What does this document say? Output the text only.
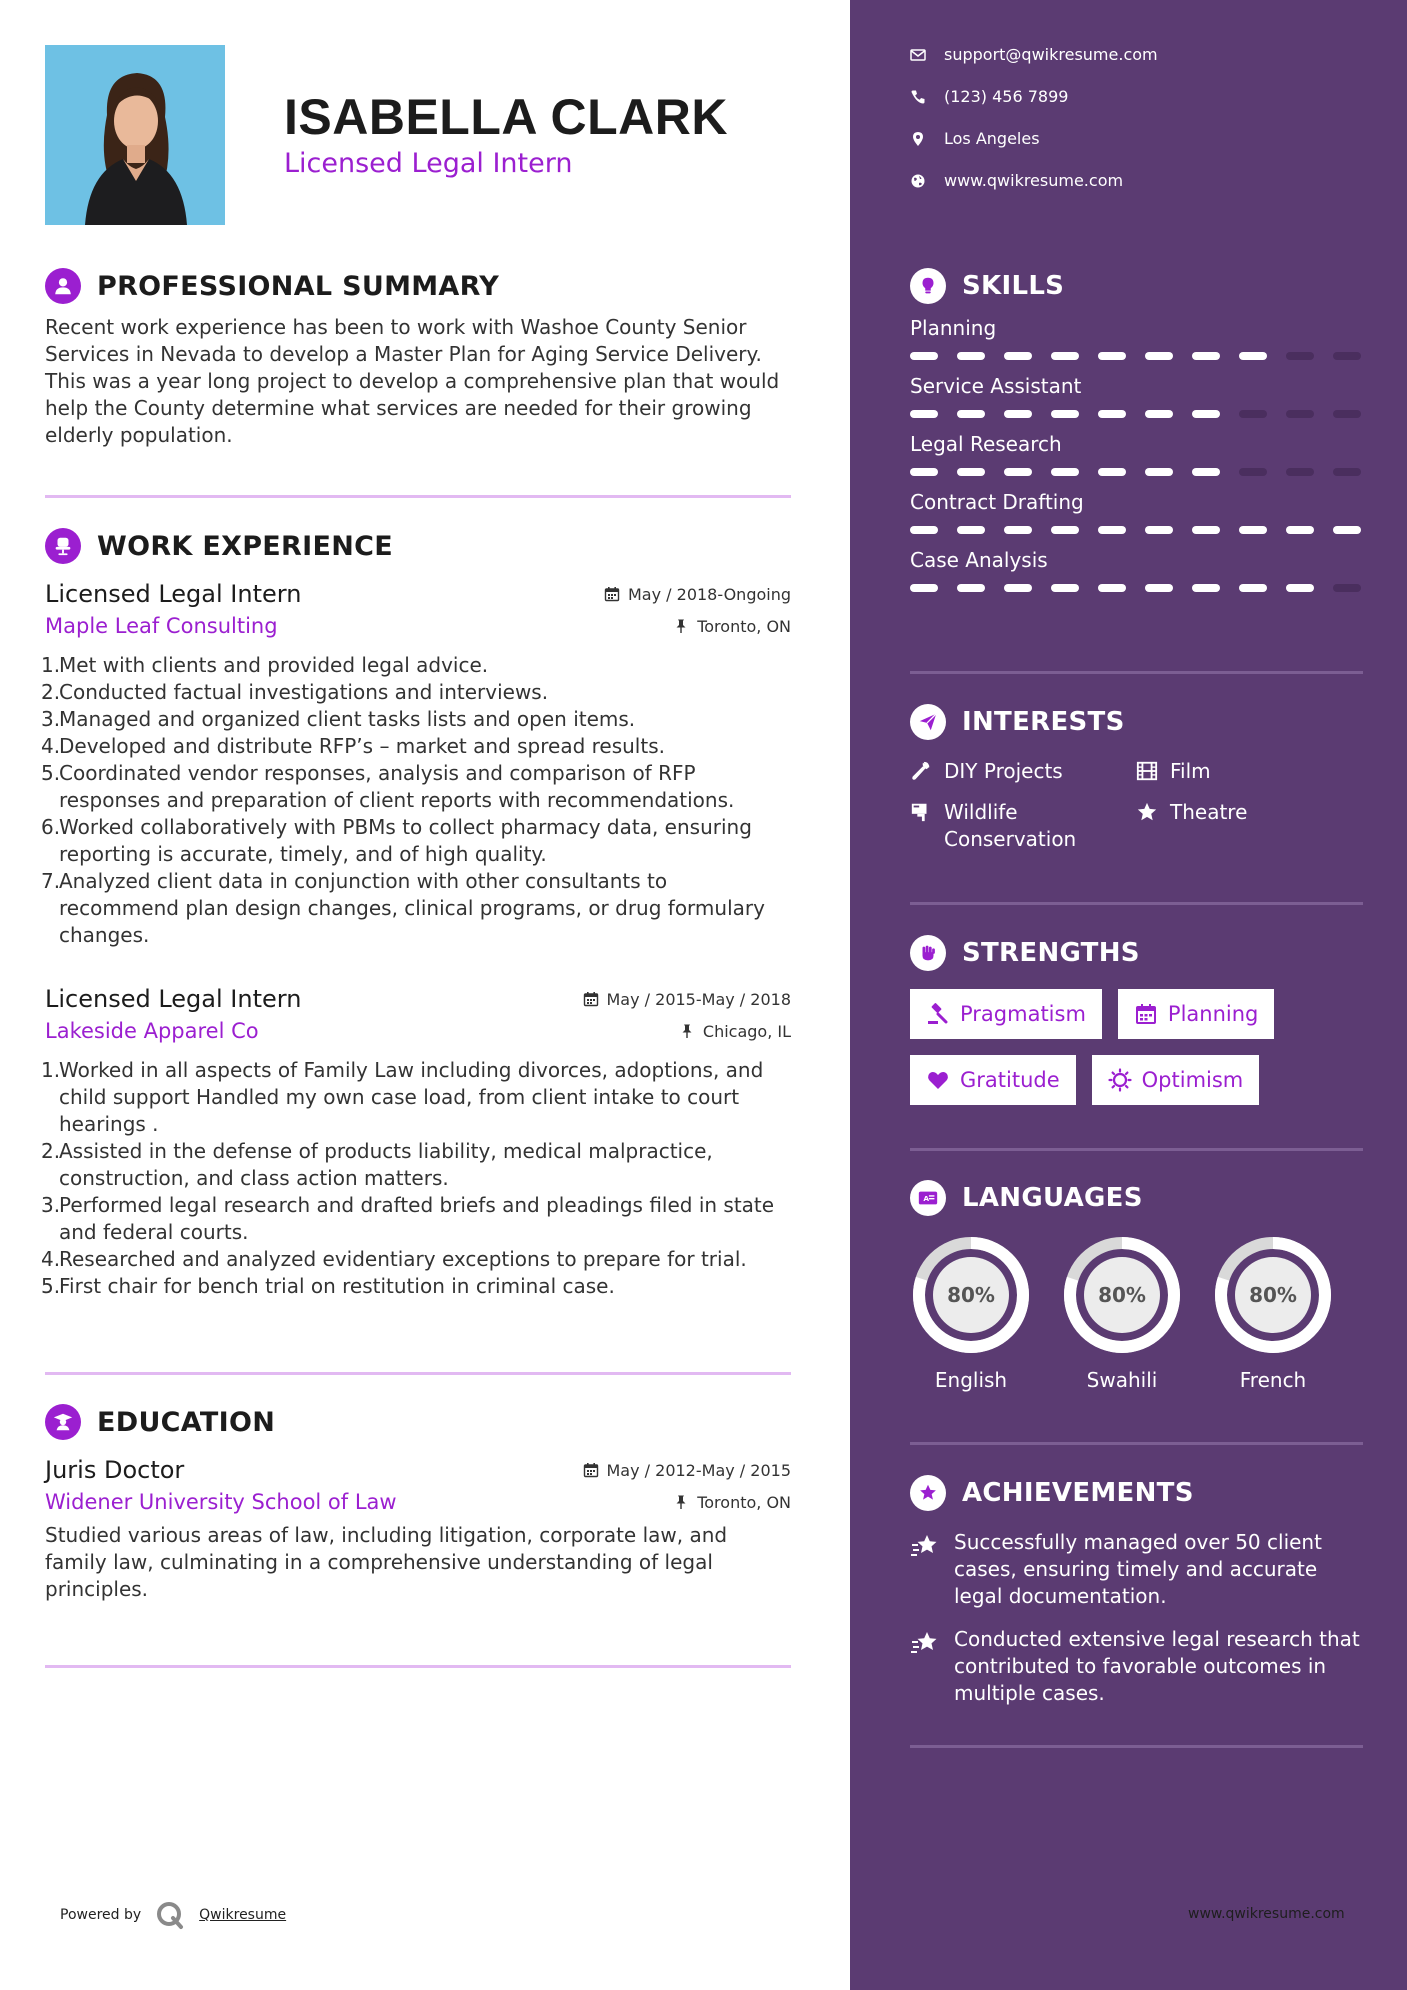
ISABELLA CLARK
Licensed Legal Intern
PROFESSIONAL SUMMARY
Recent work experience has been to work with Washoe County Senior Services in Nevada to develop a Master Plan for Aging Service Delivery. This was a year long project to develop a comprehensive plan that would help the County determine what services are needed for their growing elderly population.
WORK EXPERIENCE
Licensed Legal Intern	May / 2018-Ongoing
Maple Leaf Consulting	Toronto, ON
1.
Met with clients and provided legal advice.
2.
Conducted factual investigations and interviews.
3.
Managed and organized client tasks lists and open items.
4.
Developed and distribute RFP’s – market and spread results.
5.
Coordinated vendor responses, analysis and comparison of RFP responses and preparation of client reports with recommendations.
6.
Worked collaboratively with PBMs to collect pharmacy data, ensuring reporting is accurate, timely, and of high quality.
7.
Analyzed client data in conjunction with other consultants to recommend plan design changes, clinical programs, or drug formulary changes.
Licensed Legal Intern	May / 2015-May / 2018
Lakeside Apparel Co	Chicago, IL
1.
Worked in all aspects of Family Law including divorces, adoptions, and child support Handled my own case load, from client intake to court hearings .
2.
Assisted in the defense of products liability, medical malpractice, construction, and class action matters.
3.
Performed legal research and drafted briefs and pleadings filed in state and federal courts.
4.
Researched and analyzed evidentiary exceptions to prepare for trial.
5.
First chair for bench trial on restitution in criminal case.
EDUCATION
Juris Doctor	May / 2012-May / 2015
Widener University School of Law	Toronto, ON
Studied various areas of law, including litigation, corporate law, and family law, culminating in a comprehensive understanding of legal principles.
Powered by	Qwikresume
support@qwikresume.com
(123) 456 7899
Los Angeles
www.qwikresume.com
SKILLS
Planning
Service Assistant
Legal Research
Contract Drafting
Case Analysis
INTERESTS
DIY Projects	Film
Wildlife Conservation
Theatre
STRENGTHS
Pragmatism	Planning
Gratitude	Optimism
A LANGUAGES
80%
English
80%
Swahili
80%
French
ACHIEVEMENTS
Successfully managed over 50 client cases, ensuring timely and accurate legal documentation.
Conducted extensive legal research that contributed to favorable outcomes in multiple cases.
www.qwikresume.com
